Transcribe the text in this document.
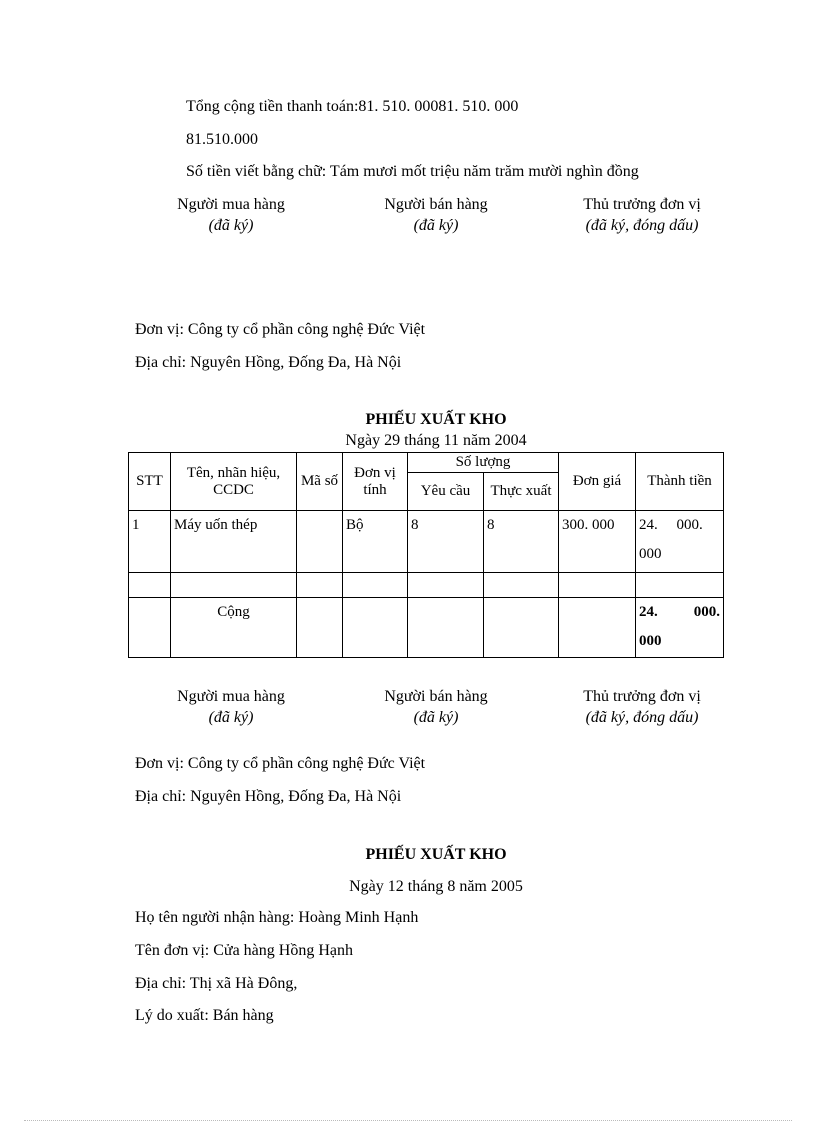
Tổng cộng tiền thanh toán:81. 510. 00081. 510. 000
81.510.000
Số tiền viết bằng chữ: Tám mươi mốt triệu năm trăm mười nghìn đồng
Người mua hàng
(đã ký)
Người bán hàng
(đã ký)
Thủ trưởng đơn vị
(đã ký, đóng dấu)
Đơn vị: Công ty cổ phần công nghệ Đức Việt
Địa chỉ: Nguyên Hồng, Đống Đa, Hà Nội
PHIẾU XUẤT KHO
Ngày 29 tháng 11 năm 2004
STT	Tên, nhãn hiệu, CCDC	Mã số	Đơn vị tính	Số lượng		Đơn giá	Thành tiền
				Yêu cầu	Thực xuất		
1	Máy uốn thép		Bộ	8	8	300. 000	24.     000. 000

	Cộng						24.     000. 000
Người mua hàng
(đã ký)
Người bán hàng
(đã ký)
Thủ trưởng đơn vị
(đã ký, đóng dấu)
Đơn vị: Công ty cổ phần công nghệ Đức Việt
Địa chỉ: Nguyên Hồng, Đống Đa, Hà Nội
PHIẾU XUẤT KHO
Ngày 12 tháng 8 năm 2005
Họ tên người nhận hàng: Hoàng Minh Hạnh
Tên đơn vị: Cửa hàng Hồng Hạnh
Địa chỉ: Thị xã Hà Đông,
Lý do xuất: Bán hàng
